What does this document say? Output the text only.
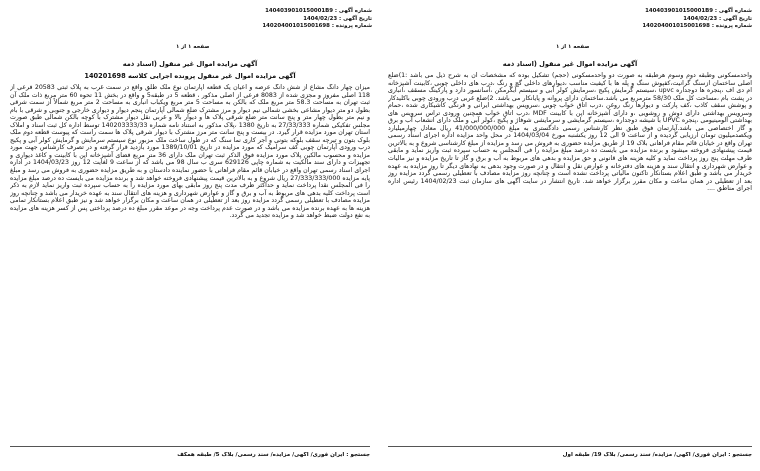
شماره آگهی : 1404039010150001B9
تاریخ آگهی : 1404/02/23
شماره پرونده : 140204001015001698
صفحه ۱ از ۱
آگهی مزایده اموال غیر منقول (اسناد ذمه
واحدمسکونی وطبقه دوم وسوم هرطبقه به صورت دو واحدمسکونی (حجم) تشکیل بوده که مشخصات آن به شرح ذیل می باشد :1)ضلع اصلی ساختمان ازسنگ گرانیت،کفپوش سنگ و پله ها با کیفیت مناسب ،دیوارهای داخلی گچ و رنگ ،درب های داخلی چوبی ،کابینت آشپزخانه ام دی اف ،پنجره ها دوجداره upvc ،سیستم گرمایش پکیج ،سرمایش کولر آبی و سیستم آبگرمکن ،آسانسور دارد و پارکینگ مسقف ،انباری در پشت بام ،مساحت کل ملک 58/30 مترمربع می باشد.ساختمان دارای پروانه و پایانکار می باشد. 2)ضلع غربی درب ورودی چوبی باکلیدکار و پوشش سقف کاذب ،کف پارکت و دیوارها رنگ روغن ،درب اتاق خواب چوبی ،سرویس بهداشتی ایرانی و فرنگی کاشیکاری شده ،حمام وسرویس بهداشتی دارای دوش و روشویی ،و دارای آشپزخانه اپن با کابینت MDF ،درب اتاق خواب همچنین ورودی تراس سرویس های بهداشتی آلومینیومی ،پنجره UPVC با شیشه دوجداره ،سیستم گرمایشی و سرمایشی شوفاژ و پکیج ،کولر آبی و ملک دارای انشعاب آب و برق و گاز اختصاصی می باشد.آپارتمان فوق طبق نظر کارشناس رسمی دادگستری به مبلغ 41/000/000/000 ریال معادل چهارمیلیارد ویکصدمیلیون تومان ارزیابی گردیده و از ساعت 9 الی 12 روز یکشنبه مورخ 1404/03/04 در محل واحد مزایده اداره اجرای اسناد رسمی تهران واقع در خیابان قائم مقام فراهانی بلاک 19 از طریق مزایده حضوری به فروش می رسد و مزایده از مبلغ کارشناسی شروع و به بالاترین قیمت پیشنهادی فروخته میشود و برنده مزایده می بایست ده درصد مبلغ مزایده را فی المجلس به حساب سپرده ثبت واریز نماید و مابقی ظرف مهلت پنج روز پرداخت نماید و کلیه هزینه های قانونی و حق مزایده و بدهی های مربوط به آب و برق و گاز تا تاریخ مزایده و نیز مالیات و عوارض شهرداری و انتقال سند و هزینه های دفترخانه و عوارض نقل و انتقال و در صورت وجود بدهی به نهادهای دیگر تا روز مزایده به عهده خریدار می باشد و طبق اعلام بستانکار تاکنون مالیاتی پرداخت نشده است و چنانچه روز مزایده مصادف با تعطیلی رسمی گردد مزایده روز بعد از تعطیلی در همان ساعت و مکان مقرر برگزار خواهد شد. تاریخ انتشار در سایت آگهی های سازمان ثبت 1404/02/23 رئیس اداره اجرای مناطق ....
جستجو : ایران فوری/ آگهی/ مزایده/ سند رسمی/ بلاک 19/ طبقه اول
شماره آگهی : 1404039010150001B9
تاریخ آگهی : 1404/02/23
شماره پرونده : 140204001015001698
صفحه ۱ از ۱
آگهی مزایده اموال غیر منقول (اسناد ذمه
آگهی مزایده اموال غیر منقول پرونده اجرایی کلاسه 140201698
میزان چهار دانگ مشاع از شش دانگ عرصه و اعیان یک قطعه آپارتمان نوع ملک طلق واقع در سمت غرب به پلاک ثبتی 20583 فرعی از 118 اصلی مفروز و مجزی شده از 8083 فرعی از اصلی مذکور ، قطعه 5 در طبقه5 و واقع در بخش 11 تحوه 60 متر مربع ذات ملک آن ثبت تهران به مساحت 58.3 متر مربع ملک که بالکن به مساحت 5 متر مربع ویکباب انباری به مساحت 2 متر مربع شمالاً از سمت شرقی بطول دو متر دیوار مشاعی بخشی شمالی نیم دیوار و مرز مشترک ضلع شمالی آپارتمان پنجم دیوار و دیواری خارجی و جنوبی و شرقی با بام و نیم متر بطول چهار متر و پنج سانت متر ضلع شرقی پلاک ها و دیوار بالا و غربی نقل دیوار مشترک با کوچه بالکن شمالی طبق صورت مجلس تفکیکی شماره 27/33/333 به تاریخ 1380 ،پلاک مذکور به استناد نامه شماره 140203333/33 توسط اداره کل ثبت اسناد و املاک استان تهران مورد مزایده قرار گیرد. در بیست و پنج سانت متر مرز مشترک با دیوار شرقی پلاک ها سمت راست که پیوست قطعه دوم ملک بلوک بتون و تیرچه سقف بلوکه بتونی و آجر کاری نما سنگ که در طول ساخت ملک مزبور نوع سیستم سرمایش و گرمایش کولر آبی و پکیج درب ورودی آپارتمان چوبی کف سرامیک که مورد مزایده در تاریخ 1389/10/01 مورد بازدید قرار گرفته و در تصرف کارشناس جهت مورد مزایده و محسوب مالکین پلاک مورد مزایده فوق الذکر ثبت تهران ملک دارای 36 متر مربع فضای آشپزخانه اپن با کابینت و کاغذ دیواری و تجهیزات و دارای سند مالکیت به شماره چاپی 629126 سری ب سال 98 می باشد که از ساعت 9 لغایت 12 روز 1404/03/23 در اداره اجرای اسناد رسمی تهران واقع در خیابان قائم مقام فراهانی با حضور نماینده دادستان و به طریق مزایده حضوری به فروش می رسد و مبلغ پایه مزایده 27/333/333/000 ریال شروع و به بالاترین قیمت پیشنهادی فروخته خواهد شد و برنده مزایده می بایست ده درصد مبلغ مزایده را فی المجلس نقدا پرداخت نماید و حداکثر ظرف مدت پنج روز مابقی بهای مورد مزایده را به حساب سپرده ثبت واریز نماید لازم به ذکر است پرداخت کلیه بدهی های مربوط به آب و برق و گاز و عوارض شهرداری و هزینه های انتقال سند به عهده خریدار می باشد و چنانچه روز مزایده مصادف با تعطیلی رسمی گردد مزایده روز بعد از تعطیلی در همان ساعت و مکان برگزار خواهد شد و نیز طبق اعلام بستانکار تمامی هزینه ها به عهده برنده مزایده می باشد و در صورت عدم پرداخت وجه در موعد مقرر مبلغ ده درصد پرداختی پس از کسر هزینه های مزایده به نفع دولت ضبط خواهد شد و مزایده تجدید می گردد.
جستجو : ایران فوری/ آگهی/ مزایده/ سند رسمی/ بلاک 5/ طبقه همکف
